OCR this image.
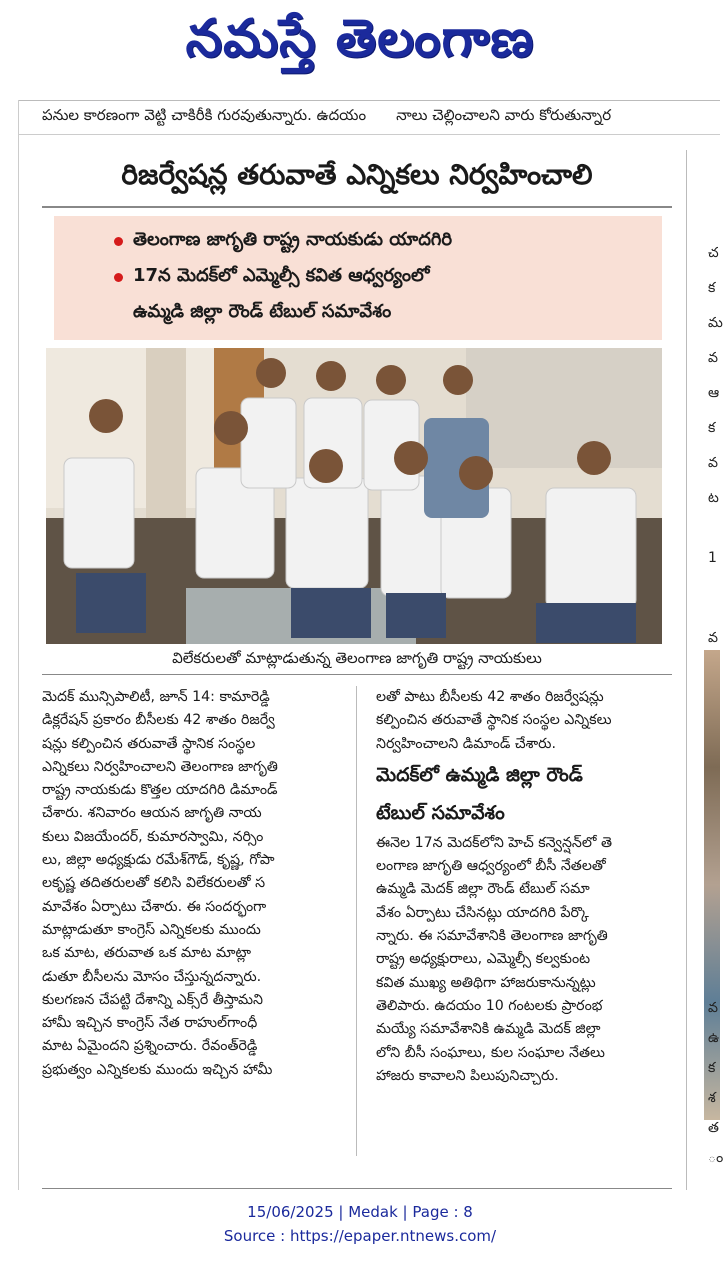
నమస్తే తెలంగాణ
పనుల కారణంగా వెట్టి చాకిరీకి గురవుతున్నారు. ఉదయం నాలు చెల్లించాలని వారు కోరుతున్నార
రిజర్వేషన్ల తరువాతే ఎన్నికలు నిర్వహించాలి
తెలంగాణ జాగృతి రాష్ట్ర నాయకుడు యాదగిరి
17న మెదక్‌లో ఎమ్మెల్సీ కవిత ఆధ్వర్యంలో
ఉమ్మడి జిల్లా రౌండ్ టేబుల్ సమావేశం
విలేకరులతో మాట్లాడుతున్న తెలంగాణ జాగృతి రాష్ట్ర నాయకులు
మెదక్ మున్సిపాలిటీ, జూన్ 14: కామారెడ్డి
డిక్లరేషన్ ప్రకారం బీసీలకు 42 శాతం రిజర్వే
షన్లు కల్పించిన తరువాతే స్థానిక సంస్థల
ఎన్నికలు నిర్వహించాలని తెలంగాణ జాగృతి
రాష్ట్ర నాయకుడు కొత్తల యాదగిరి డిమాండ్
చేశారు. శనివారం ఆయన జాగృతి నాయ
కులు విజయేందర్, కుమారస్వామి, నర్సిం
లు, జిల్లా అధ్యక్షుడు రమేశ్‌గౌడ్, కృష్ణ, గోపా
లకృష్ణ తదితరులతో కలిసి విలేకరులతో స
మావేశం ఏర్పాటు చేశారు. ఈ సందర్భంగా
మాట్లాడుతూ కాంగ్రెస్ ఎన్నికలకు ముందు
ఒక మాట, తరువాత ఒక మాట మాట్లా
డుతూ బీసీలను మోసం చేస్తున్నదన్నారు.
కులగణన చేపట్టి దేశాన్ని ఎక్స్‌రే తీస్తామని
హామీ ఇచ్చిన కాంగ్రెస్ నేత రాహుల్‌గాంధీ
మాట ఏమైందని ప్రశ్నించారు. రేవంత్‌రెడ్డి
ప్రభుత్వం ఎన్నికలకు ముందు ఇచ్చిన హామీ
లతో పాటు బీసీలకు 42 శాతం రిజర్వేషన్లు
కల్పించిన తరువాతే స్థానిక సంస్థల ఎన్నికలు
నిర్వహించాలని డిమాండ్ చేశారు.
మెదక్‌లో ఉమ్మడి జిల్లా రౌండ్
టేబుల్ సమావేశం
ఈనెల 17న మెదక్‌లోని హెచ్ కన్వెన్షన్‌లో తె
లంగాణ జాగృతి ఆధ్వర్యంలో బీసీ నేతలతో
ఉమ్మడి మెదక్ జిల్లా రౌండ్ టేబుల్ సమా
వేశం ఏర్పాటు చేసినట్లు యాదగిరి పేర్కొ
న్నారు. ఈ సమావేశానికి తెలంగాణ జాగృతి
రాష్ట్ర అధ్యక్షురాలు, ఎమ్మెల్సీ కల్వకుంట
కవిత ముఖ్య అతిథిగా హాజరుకానున్నట్లు
తెలిపారు. ఉదయం 10 గంటలకు ప్రారంభ
మయ్యే సమావేశానికి ఉమ్మడి మెదక్ జిల్లా
లోని బీసీ సంఘాలు, కుల సంఘాల నేతలు
హాజరు కావాలని పిలుపునిచ్చారు.
చ
క
మ
వ
ఆ
క
వ
ట
1
వ
వ
ఉ
క
శ
త
ం
15/06/2025 | Medak | Page : 8
Source : https://epaper.ntnews.com/
